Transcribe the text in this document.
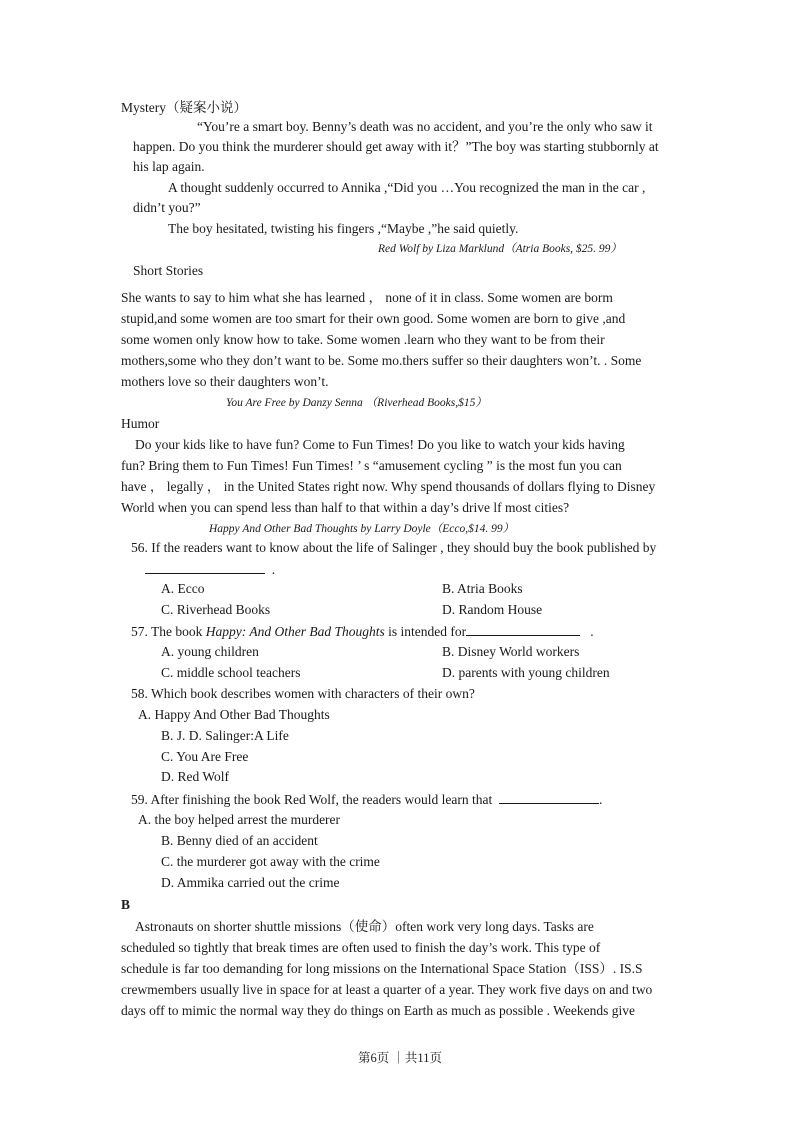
Mystery（疑案小说）
“You’re a smart boy. Benny’s death was no accident, and you’re the only who saw it
happen. Do you think the murderer should get away with it？”The boy was starting stubbornly at
his lap again.
A thought suddenly occurred to Annika ,“Did you …You recognized the man in the car ,
didn’t you?”
The boy hesitated, twisting his fingers ,“Maybe ,”he said quietly.
Red Wolf by Liza Marklund（Atria Books, $25. 99）
Short Stories
She wants to say to him what she has learned ， none of it in class. Some women are borm
stupid,and some women are too smart for their own good. Some women are born to give ,and
some women only know how to take. Some women .learn who they want to be from their
mothers,some who they don’t want to be. Some mo.thers suffer so their daughters won’t. . Some
mothers love so their daughters won’t.
You Are Free by Danzy Senna （Riverhead Books,$15）
Humor
Do your kids like to have fun? Come to Fun Times! Do you like to watch your kids having
fun? Bring them to Fun Times! Fun Times! ’ s “amusement cycling ” is the most fun you can
have ， legally ， in the United States right now. Why spend thousands of dollars flying to Disney
World when you can spend less than half to that within a day’s drive lf most cities?
Happy And Other Bad Thoughts by Larry Doyle（Ecco,$14. 99）
56. If the readers want to know about the life of Salinger , they should buy the book published by
.
A. Ecco	B. Atria Books
C. Riverhead Books	D. Random House
57. The book Happy: And Other Bad Thoughts is intended for	.
A. young children	B. Disney World workers
C. middle school teachers	D. parents with young children
58. Which book describes women with characters of their own?
A. Happy And Other Bad Thoughts
B. J. D. Salinger:A Life
C. You Are Free
D. Red Wolf
59. After finishing the book Red Wolf, the readers would learn that	.
A. the boy helped arrest the murderer
B. Benny died of an accident
C. the murderer got away with the crime
D. Ammika carried out the crime
B
Astronauts on shorter shuttle missions（使命）often work very long days. Tasks are
scheduled so tightly that break times are often used to finish the day’s work. This type of
schedule is far too demanding for long missions on the International Space Station（ISS）. IS.S
crewmembers usually live in space for at least a quarter of a year. They work five days on and two
days off to mimic the normal way they do things on Earth as much as possible . Weekends give
第6页 ｜共11页
